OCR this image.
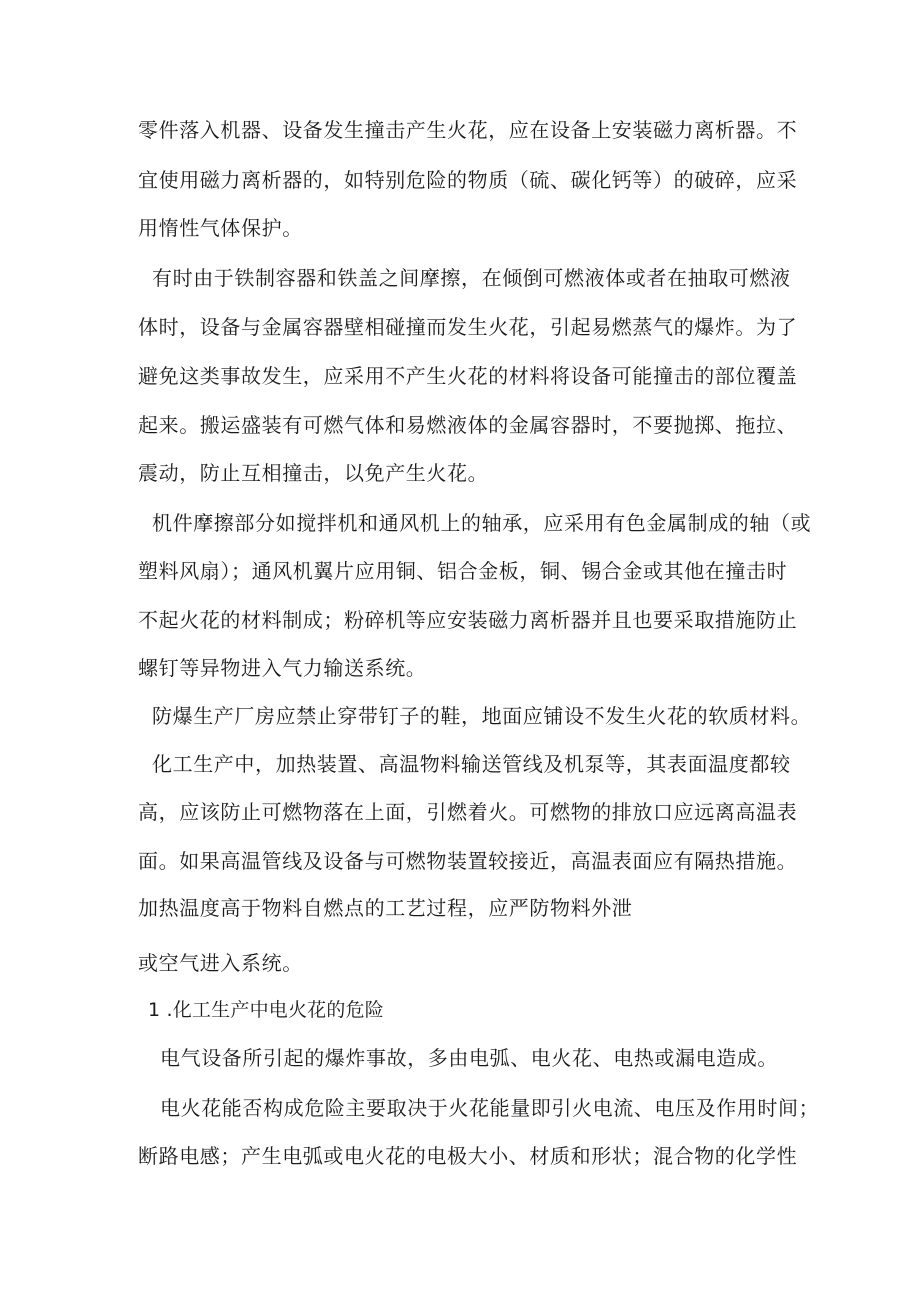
零件落入机器、设备发生撞击产生火花，应在设备上安装磁力离析器。不
宜使用磁力离析器的，如特别危险的物质（硫、碳化钙等）的破碎，应采
用惰性气体保护。
有时由于铁制容器和铁盖之间摩擦，在倾倒可燃液体或者在抽取可燃液
体时，设备与金属容器壁相碰撞而发生火花，引起易燃蒸气的爆炸。为了
避免这类事故发生，应采用不产生火花的材料将设备可能撞击的部位覆盖
起来。搬运盛装有可燃气体和易燃液体的金属容器时，不要抛掷、拖拉、
震动，防止互相撞击，以免产生火花。
机件摩擦部分如搅拌机和通风机上的轴承，应采用有色金属制成的轴（或
塑料风扇）；通风机翼片应用铜、铝合金板，铜、锡合金或其他在撞击时
不起火花的材料制成；粉碎机等应安装磁力离析器并且也要采取措施防止
螺钉等异物进入气力输送系统。
防爆生产厂房应禁止穿带钉子的鞋，地面应铺设不发生火花的软质材料。
化工生产中，加热装置、高温物料输送管线及机泵等，其表面温度都较
高，应该防止可燃物落在上面，引燃着火。可燃物的排放口应远离高温表
面。如果高温管线及设备与可燃物装置较接近，高温表面应有隔热措施。
加热温度高于物料自燃点的工艺过程，应严防物料外泄
或空气进入系统。
1 .化工生产中电火花的危险
电气设备所引起的爆炸事故，多由电弧、电火花、电热或漏电造成。
电火花能否构成危险主要取决于火花能量即引火电流、电压及作用时间；
断路电感；产生电弧或电火花的电极大小、材质和形状；混合物的化学性
